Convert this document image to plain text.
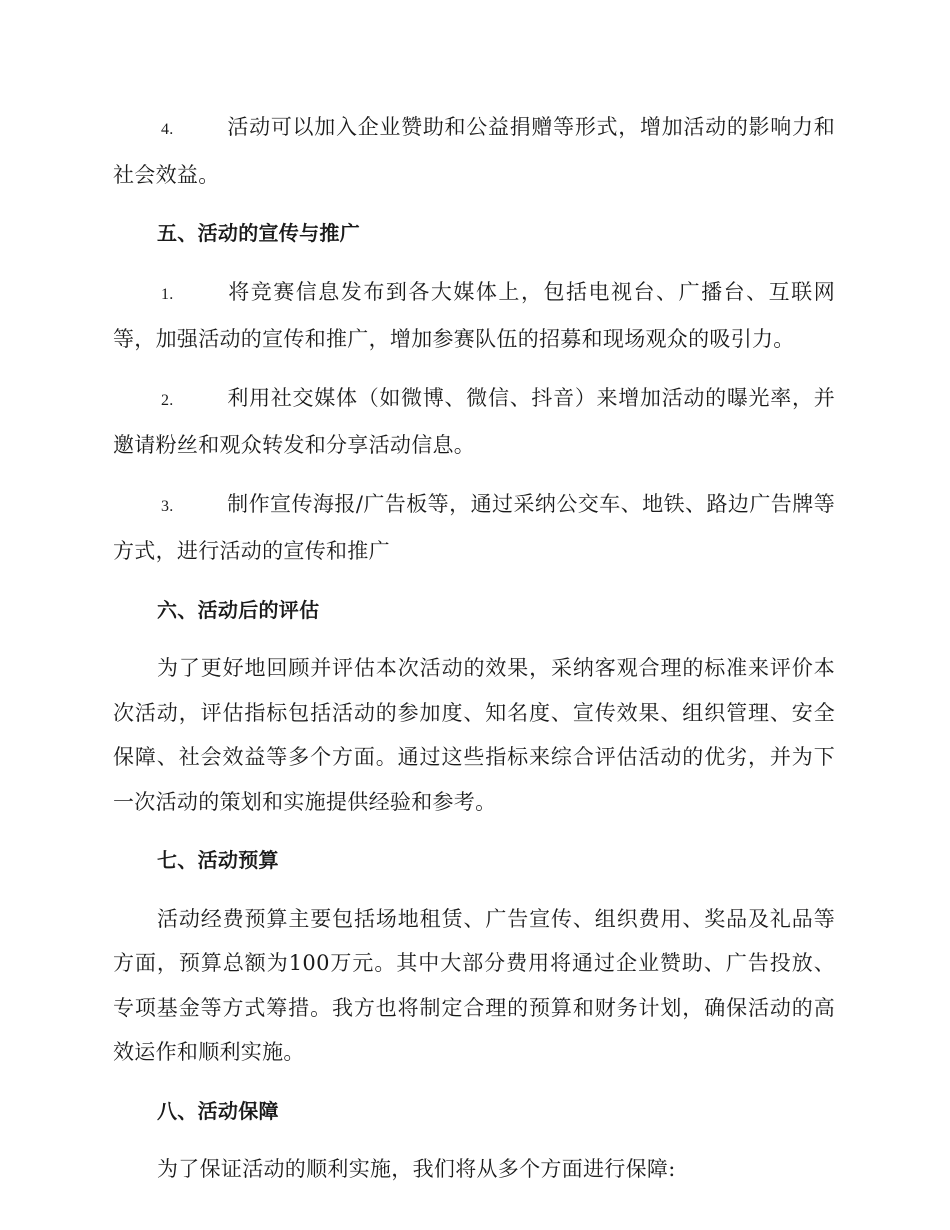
4.	活动可以加入企业赞助和公益捐赠等形式，增加活动的影响力和社会效益。

五、活动的宣传与推广

1.	将竞赛信息发布到各大媒体上，包括电视台、广播台、互联网等，加强活动的宣传和推广，增加参赛队伍的招募和现场观众的吸引力。

2.	利用社交媒体（如微博、微信、抖音）来增加活动的曝光率，并邀请粉丝和观众转发和分享活动信息。

3.	制作宣传海报/广告板等，通过采纳公交车、地铁、路边广告牌等方式，进行活动的宣传和推广

六、活动后的评估

为了更好地回顾并评估本次活动的效果，采纳客观合理的标准来评价本次活动，评估指标包括活动的参加度、知名度、宣传效果、组织管理、安全保障、社会效益等多个方面。通过这些指标来综合评估活动的优劣，并为下一次活动的策划和实施提供经验和参考。

七、活动预算

活动经费预算主要包括场地租赁、广告宣传、组织费用、奖品及礼品等方面，预算总额为100万元。其中大部分费用将通过企业赞助、广告投放、专项基金等方式筹措。我方也将制定合理的预算和财务计划，确保活动的高效运作和顺利实施。

八、活动保障

为了保证活动的顺利实施，我们将从多个方面进行保障:
